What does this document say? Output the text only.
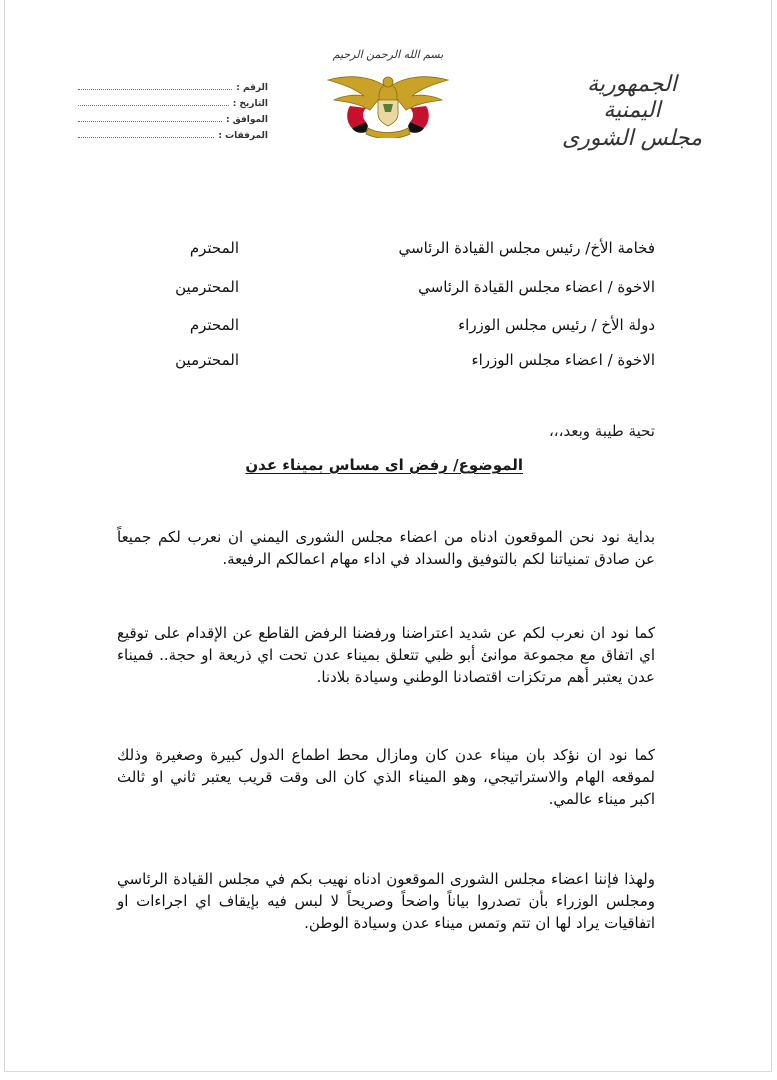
الجمهورية اليمنية
مجلس الشورى
بسم الله الرحمن الرحيم
الرقم :
التاريخ :
الموافق :
المرفقات :
فخامة الأخ/ رئيس مجلس القيادة الرئاسي
المحترم
الاخوة / اعضاء مجلس القيادة الرئاسي
المحترمين
دولة الأخ / رئيس مجلس الوزراء
المحترم
الاخوة / اعضاء مجلس الوزراء
المحترمين
تحية طيبة وبعد،،،
الموضوع/ رفض اى مساس بميناء عدن
بداية نود نحن الموقعون ادناه من اعضاء مجلس الشورى اليمني ان نعرب لكم جميعاً عن صادق تمنياتنا لكم بالتوفيق والسداد في اداء مهام اعمالكم الرفيعة.
كما نود ان نعرب لكم عن شديد اعتراضنا ورفضنا الرفض القاطع عن الإقدام على توقيع اي اتفاق مع مجموعة موانئ أبو ظبي تتعلق بميناء عدن تحت اي ذريعة او حجة.. فميناء عدن يعتبر أهم مرتكزات اقتصادنا الوطني وسيادة بلادنا.
كما نود ان نؤكد بان ميناء عدن كان ومازال محط اطماع الدول كبيرة وصغيرة وذلك لموقعه الهام والاستراتيجي، وهو الميناء الذي كان الى وقت قريب يعتبر ثاني او ثالث اكبر ميناء عالمي.
ولهذا فإننا اعضاء مجلس الشورى الموقعون ادناه نهيب بكم في مجلس القيادة الرئاسي ومجلس الوزراء بأن تصدروا بياناً واضحاً وصريحاً لا لبس فيه بإيقاف اي اجراءات او اتفاقيات يراد لها ان تتم وتمس ميناء عدن وسيادة الوطن.
